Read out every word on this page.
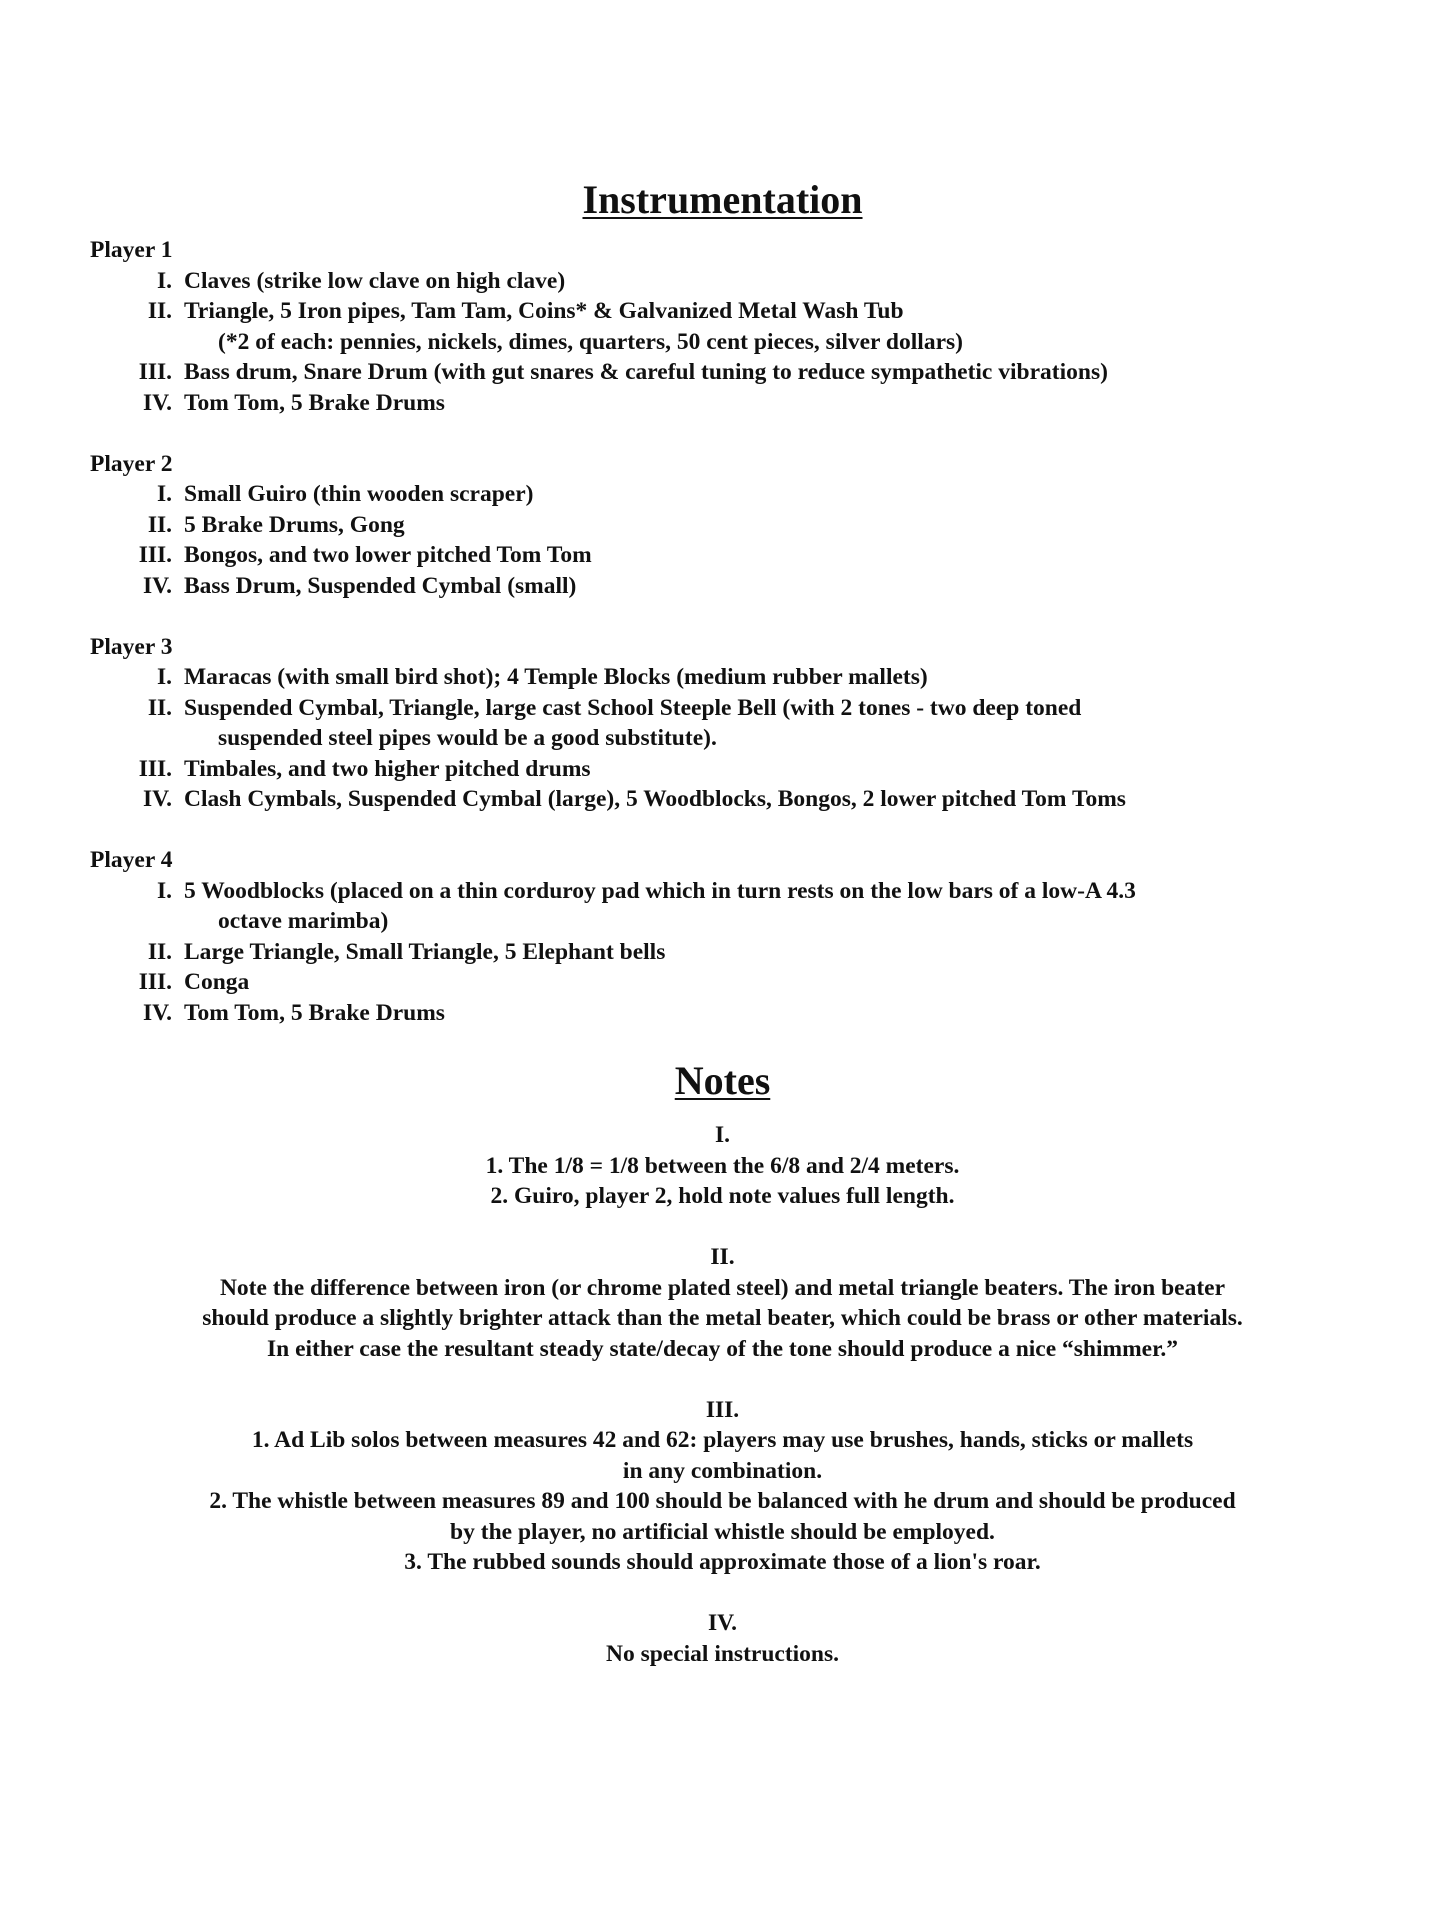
Instrumentation
Player 1
I. Claves (strike low clave on high clave)
II. Triangle, 5 Iron pipes, Tam Tam, Coins* & Galvanized Metal Wash Tub
(*2 of each: pennies, nickels, dimes, quarters, 50 cent pieces, silver dollars)
III. Bass drum, Snare Drum (with gut snares & careful tuning to reduce sympathetic vibrations)
IV. Tom Tom, 5 Brake Drums
Player 2
I. Small Guiro (thin wooden scraper)
II. 5 Brake Drums, Gong
III. Bongos, and two lower pitched Tom Tom
IV. Bass Drum, Suspended Cymbal (small)
Player 3
I. Maracas (with small bird shot); 4 Temple Blocks (medium rubber mallets)
II. Suspended Cymbal, Triangle, large cast School Steeple Bell (with 2 tones - two deep toned
suspended steel pipes would be a good substitute).
III. Timbales, and two higher pitched drums
IV. Clash Cymbals, Suspended Cymbal (large), 5 Woodblocks, Bongos, 2 lower pitched Tom Toms
Player 4
I. 5 Woodblocks (placed on a thin corduroy pad which in turn rests on the low bars of a low-A 4.3
octave marimba)
II. Large Triangle, Small Triangle, 5 Elephant bells
III. Conga
IV. Tom Tom, 5 Brake Drums
Notes
I.
1. The 1/8 = 1/8 between the 6/8 and 2/4 meters.
2. Guiro, player 2, hold note values full length.
II.
Note the difference between iron (or chrome plated steel) and metal triangle beaters. The iron beater
should produce a slightly brighter attack than the metal beater, which could be brass or other materials.
In either case the resultant steady state/decay of the tone should produce a nice “shimmer.”
III.
1. Ad Lib solos between measures 42 and 62: players may use brushes, hands, sticks or mallets
in any combination.
2. The whistle between measures 89 and 100 should be balanced with he drum and should be produced
by the player, no artificial whistle should be employed.
3. The rubbed sounds should approximate those of a lion's roar.
IV.
No special instructions.
